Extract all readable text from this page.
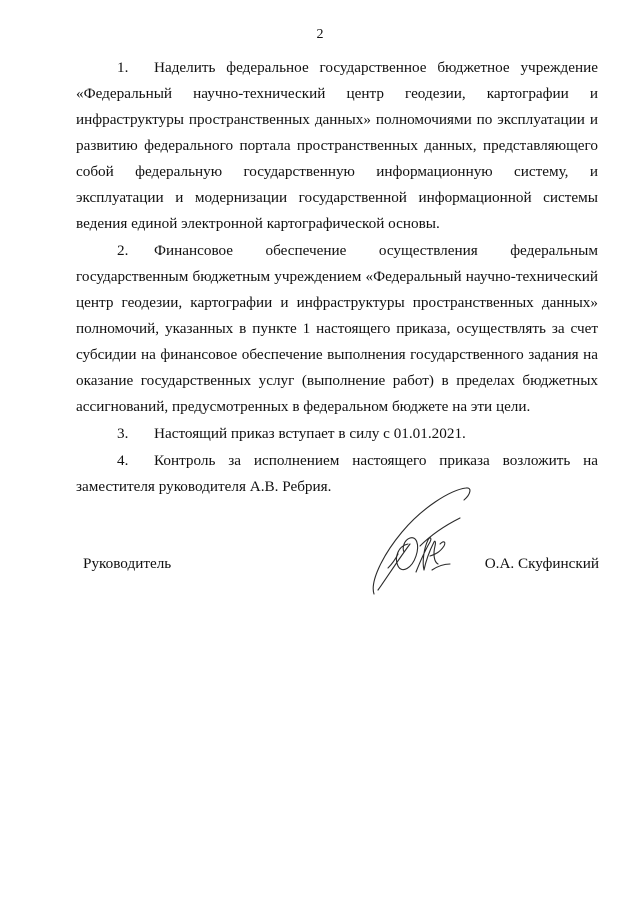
2

1. Наделить федеральное государственное бюджетное учреждение «Федеральный научно-технический центр геодезии, картографии и инфраструктуры пространственных данных» полномочиями по эксплуатации и развитию федерального портала пространственных данных, представляющего собой федеральную государственную информационную систему, и эксплуатации и модернизации государственной информационной системы ведения единой электронной картографической основы.

2. Финансовое обеспечение осуществления федеральным государственным бюджетным учреждением «Федеральный научно-технический центр геодезии, картографии и инфраструктуры пространственных данных» полномочий, указанных в пункте 1 настоящего приказа, осуществлять за счет субсидии на финансовое обеспечение выполнения государственного задания на оказание государственных услуг (выполнение работ) в пределах бюджетных ассигнований, предусмотренных в федеральном бюджете на эти цели.

3. Настоящий приказ вступает в силу с 01.01.2021.

4. Контроль за исполнением настоящего приказа возложить на заместителя руководителя А.В. Ребрия.

Руководитель	О.А. Скуфинский
